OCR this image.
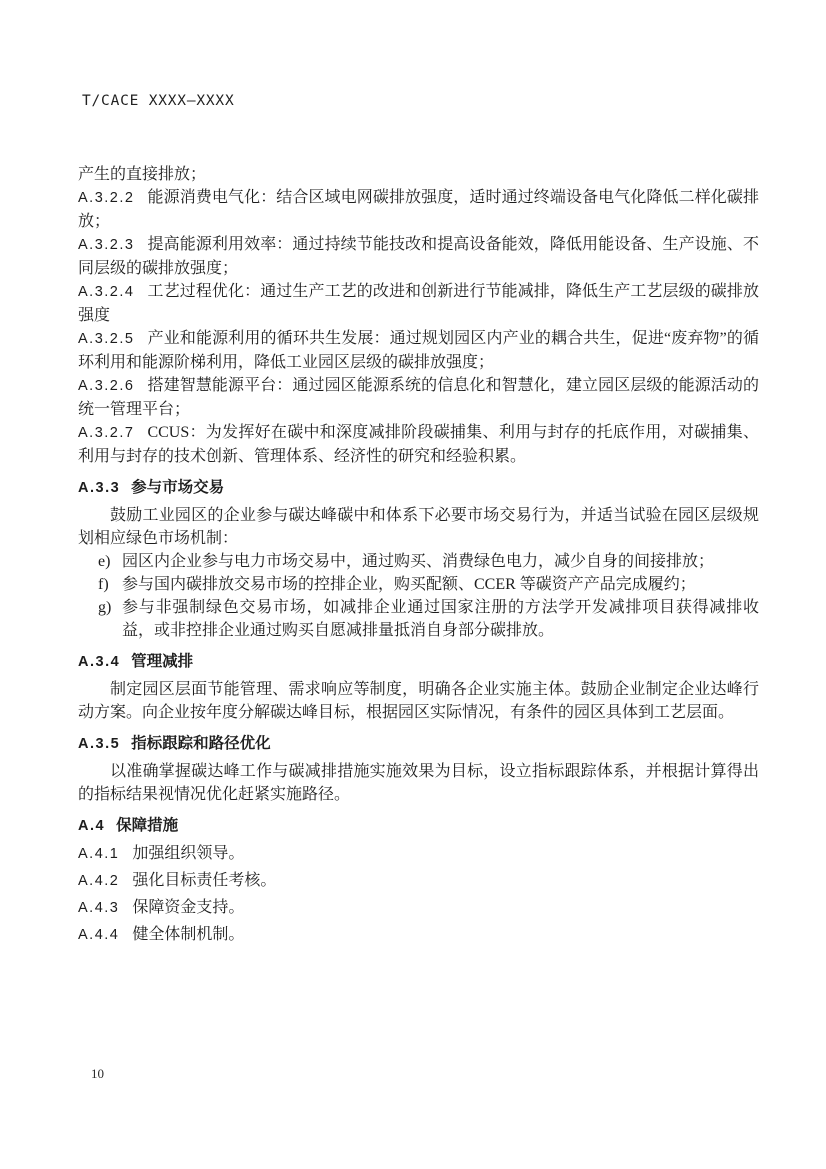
T/CACE XXXX—XXXX

产生的直接排放；

A.3.2.2 能源消费电气化：结合区域电网碳排放强度，适时通过终端设备电气化降低二样化碳排放；

A.3.2.3 提高能源利用效率：通过持续节能技改和提高设备能效，降低用能设备、生产设施、不同层级的碳排放强度；

A.3.2.4 工艺过程优化：通过生产工艺的改进和创新进行节能减排，降低生产工艺层级的碳排放强度

A.3.2.5 产业和能源利用的循环共生发展：通过规划园区内产业的耦合共生，促进“废弃物”的循环利用和能源阶梯利用，降低工业园区层级的碳排放强度；

A.3.2.6 搭建智慧能源平台：通过园区能源系统的信息化和智慧化，建立园区层级的能源活动的统一管理平台；

A.3.2.7 CCUS：为发挥好在碳中和深度减排阶段碳捕集、利用与封存的托底作用，对碳捕集、利用与封存的技术创新、管理体系、经济性的研究和经验积累。

A.3.3 参与市场交易

鼓励工业园区的企业参与碳达峰碳中和体系下必要市场交易行为，并适当试验在园区层级规划相应绿色市场机制：

e) 园区内企业参与电力市场交易中，通过购买、消费绿色电力，减少自身的间接排放；
f) 参与国内碳排放交易市场的控排企业，购买配额、CCER 等碳资产产品完成履约；
g) 参与非强制绿色交易市场，如减排企业通过国家注册的方法学开发减排项目获得减排收益，或非控排企业通过购买自愿减排量抵消自身部分碳排放。

A.3.4 管理减排

制定园区层面节能管理、需求响应等制度，明确各企业实施主体。鼓励企业制定企业达峰行动方案。向企业按年度分解碳达峰目标，根据园区实际情况，有条件的园区具体到工艺层面。

A.3.5 指标跟踪和路径优化

以准确掌握碳达峰工作与碳减排措施实施效果为目标，设立指标跟踪体系，并根据计算得出的指标结果视情况优化赶紧实施路径。

A.4 保障措施

A.4.1 加强组织领导。

A.4.2 强化目标责任考核。

A.4.3 保障资金支持。

A.4.4 健全体制机制。

10
